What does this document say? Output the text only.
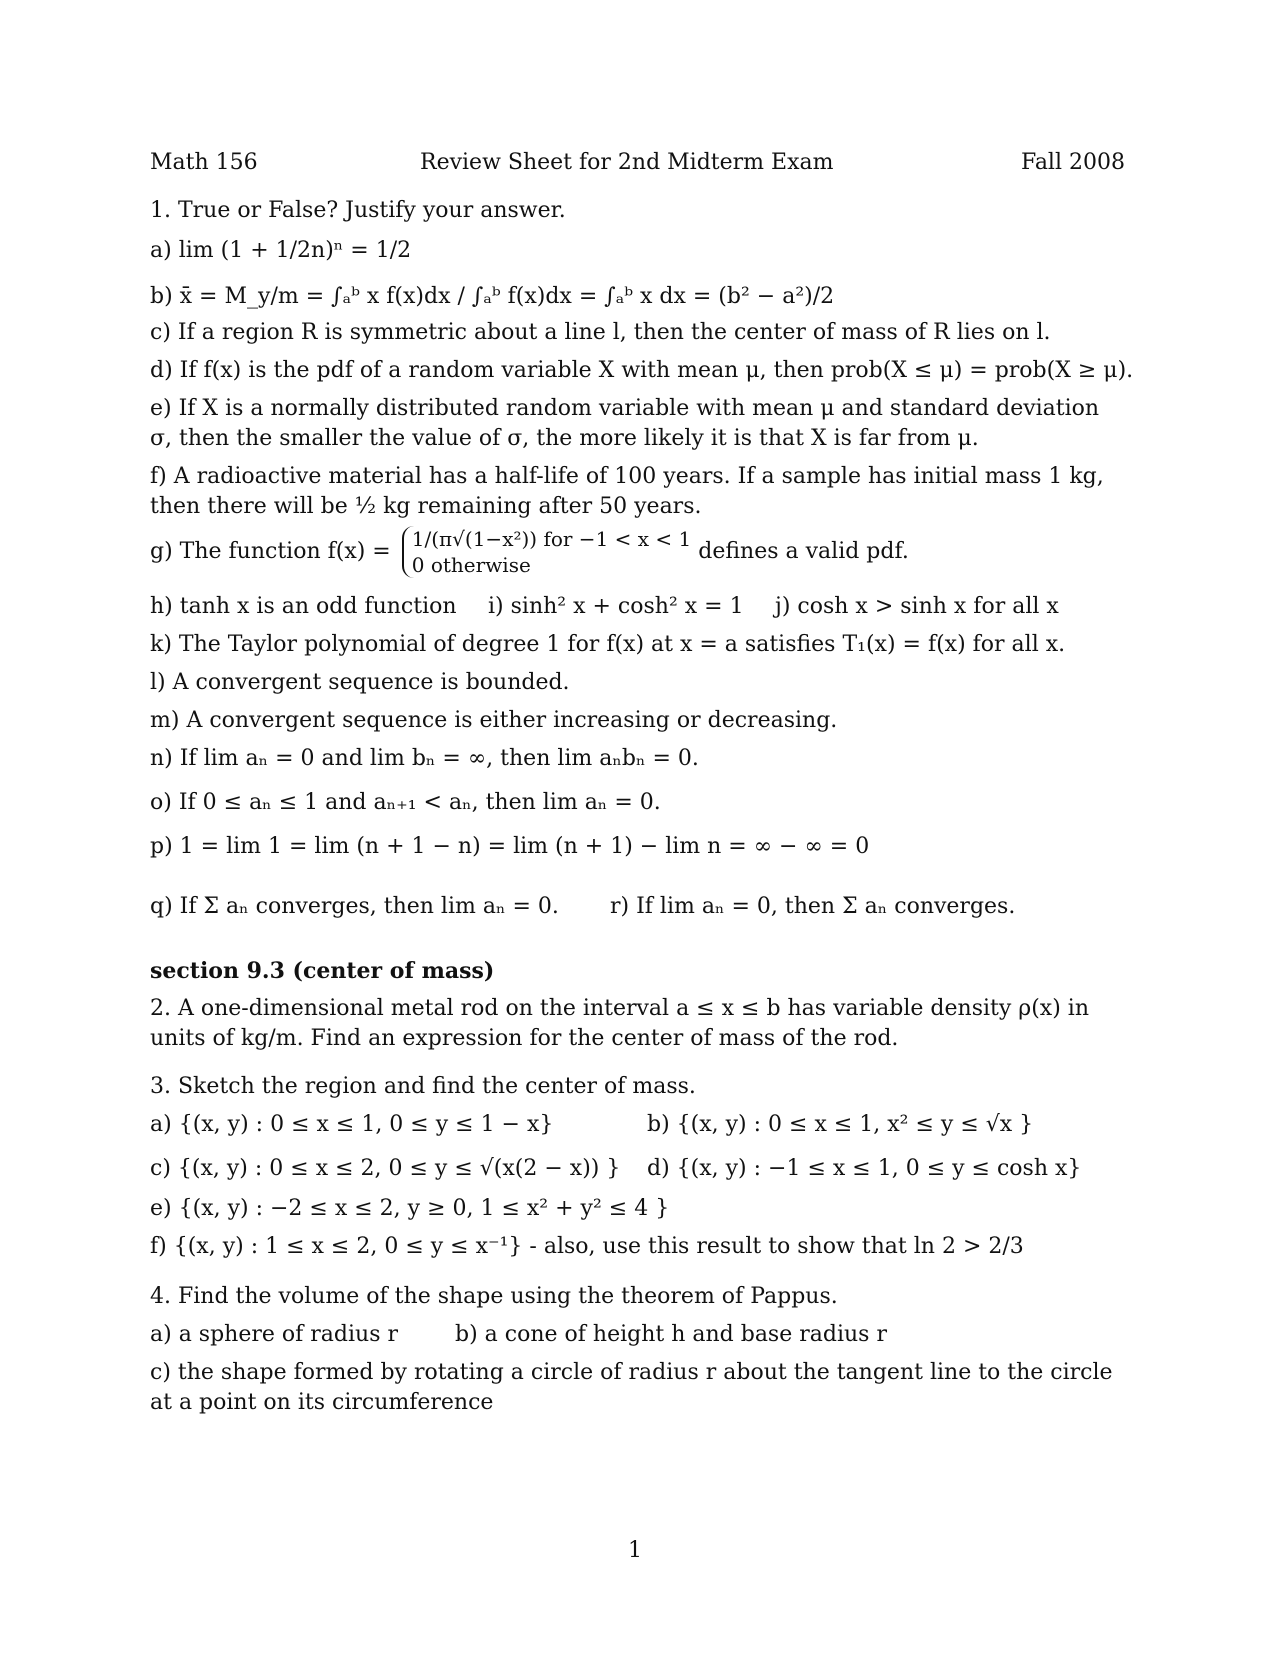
Math 156	Review Sheet for 2nd Midterm Exam	Fall 2008
1. True or False? Justify your answer.
a) lim (1 + 1/2n)ⁿ = 1/2
b) x̄ = M_y/m = ∫ₐᵇ x f(x)dx / ∫ₐᵇ f(x)dx = ∫ₐᵇ x dx = (b² − a²)/2
c) If a region R is symmetric about a line l, then the center of mass of R lies on l.
d) If f(x) is the pdf of a random variable X with mean μ, then prob(X ≤ μ) = prob(X ≥ μ).
e) If X is a normally distributed random variable with mean μ and standard deviation σ, then the smaller the value of σ, the more likely it is that X is far from μ.
f) A radioactive material has a half-life of 100 years. If a sample has initial mass 1 kg, then there will be ½ kg remaining after 50 years.
g) The function f(x) = 1/(π√(1−x²)) for −1 < x < 1
0 otherwise
defines a valid pdf.
h) tanh x is an odd function i) sinh² x + cosh² x = 1 j) cosh x > sinh x for all x
k) The Taylor polynomial of degree 1 for f(x) at x = a satisfies T₁(x) = f(x) for all x.
l) A convergent sequence is bounded.
m) A convergent sequence is either increasing or decreasing.
n) If lim aₙ = 0 and lim bₙ = ∞, then lim aₙbₙ = 0.
o) If 0 ≤ aₙ ≤ 1 and aₙ₊₁ < aₙ, then lim aₙ = 0.
p) 1 = lim 1 = lim (n + 1 − n) = lim (n + 1) − lim n = ∞ − ∞ = 0
q) If Σ aₙ converges, then lim aₙ = 0. r) If lim aₙ = 0, then Σ aₙ converges.
section 9.3 (center of mass)
2. A one-dimensional metal rod on the interval a ≤ x ≤ b has variable density ρ(x) in units of kg/m. Find an expression for the center of mass of the rod.
3. Sketch the region and find the center of mass.
a) {(x, y) : 0 ≤ x ≤ 1, 0 ≤ y ≤ 1 − x}	b) {(x, y) : 0 ≤ x ≤ 1, x² ≤ y ≤ √x }
c) {(x, y) : 0 ≤ x ≤ 2, 0 ≤ y ≤ √(x(2 − x)) } d) {(x, y) : −1 ≤ x ≤ 1, 0 ≤ y ≤ cosh x}
e) {(x, y) : −2 ≤ x ≤ 2, y ≥ 0, 1 ≤ x² + y² ≤ 4 }
f) {(x, y) : 1 ≤ x ≤ 2, 0 ≤ y ≤ x⁻¹} - also, use this result to show that ln 2 > 2/3
4. Find the volume of the shape using the theorem of Pappus.
a) a sphere of radius r	b) a cone of height h and base radius r
c) the shape formed by rotating a circle of radius r about the tangent line to the circle at a point on its circumference
1
